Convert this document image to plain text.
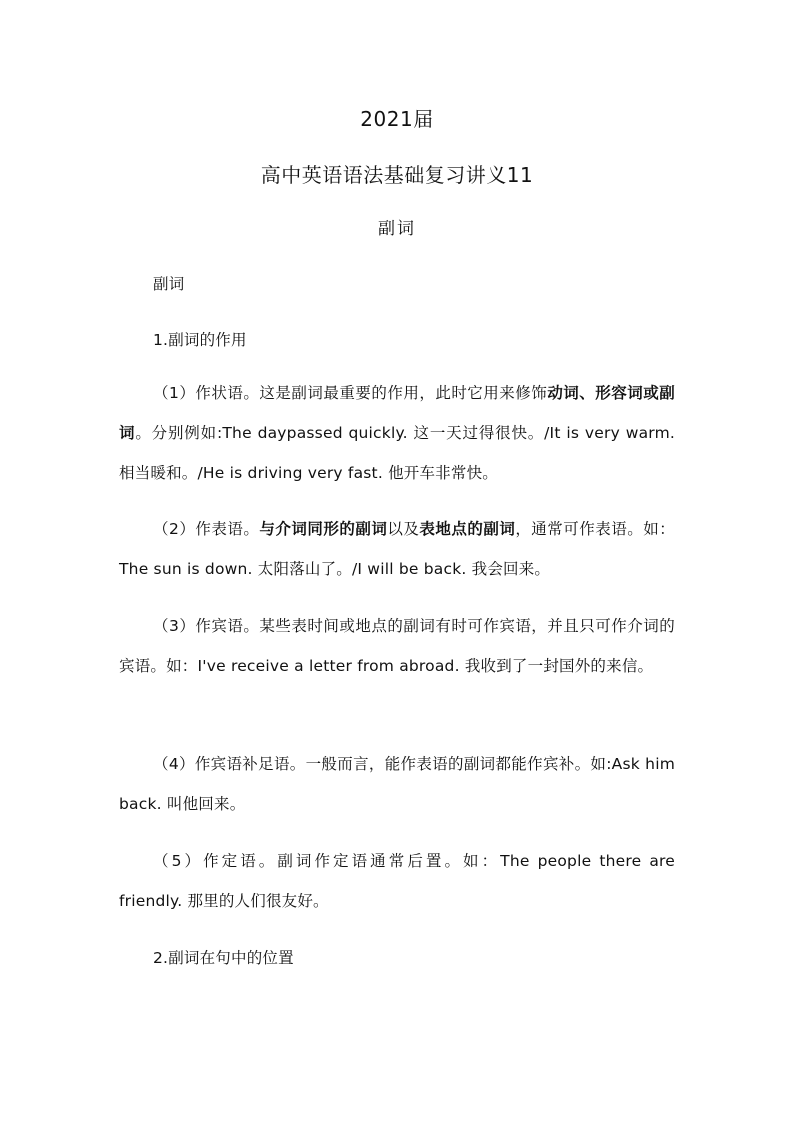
2021届
高中英语语法基础复习讲义11
副词
副词
1.副词的作用
（1）作状语。这是副词最重要的作用，此时它用来修饰动词、形容词或副词。分别例如:The daypassed quickly. 这一天过得很快。/It is very warm.相当暖和。/He is driving very fast. 他开车非常快。
（2）作表语。与介词同形的副词以及表地点的副词，通常可作表语。如：The sun is down. 太阳落山了。/I will be back. 我会回来。
（3）作宾语。某些表时间或地点的副词有时可作宾语，并且只可作介词的宾语。如：I've receive a letter from abroad. 我收到了一封国外的来信。
（4）作宾语补足语。一般而言，能作表语的副词都能作宾补。如:Ask him back. 叫他回来。
（5）作定语。副词作定语通常后置。如：The people there are friendly. 那里的人们很友好。
2.副词在句中的位置
